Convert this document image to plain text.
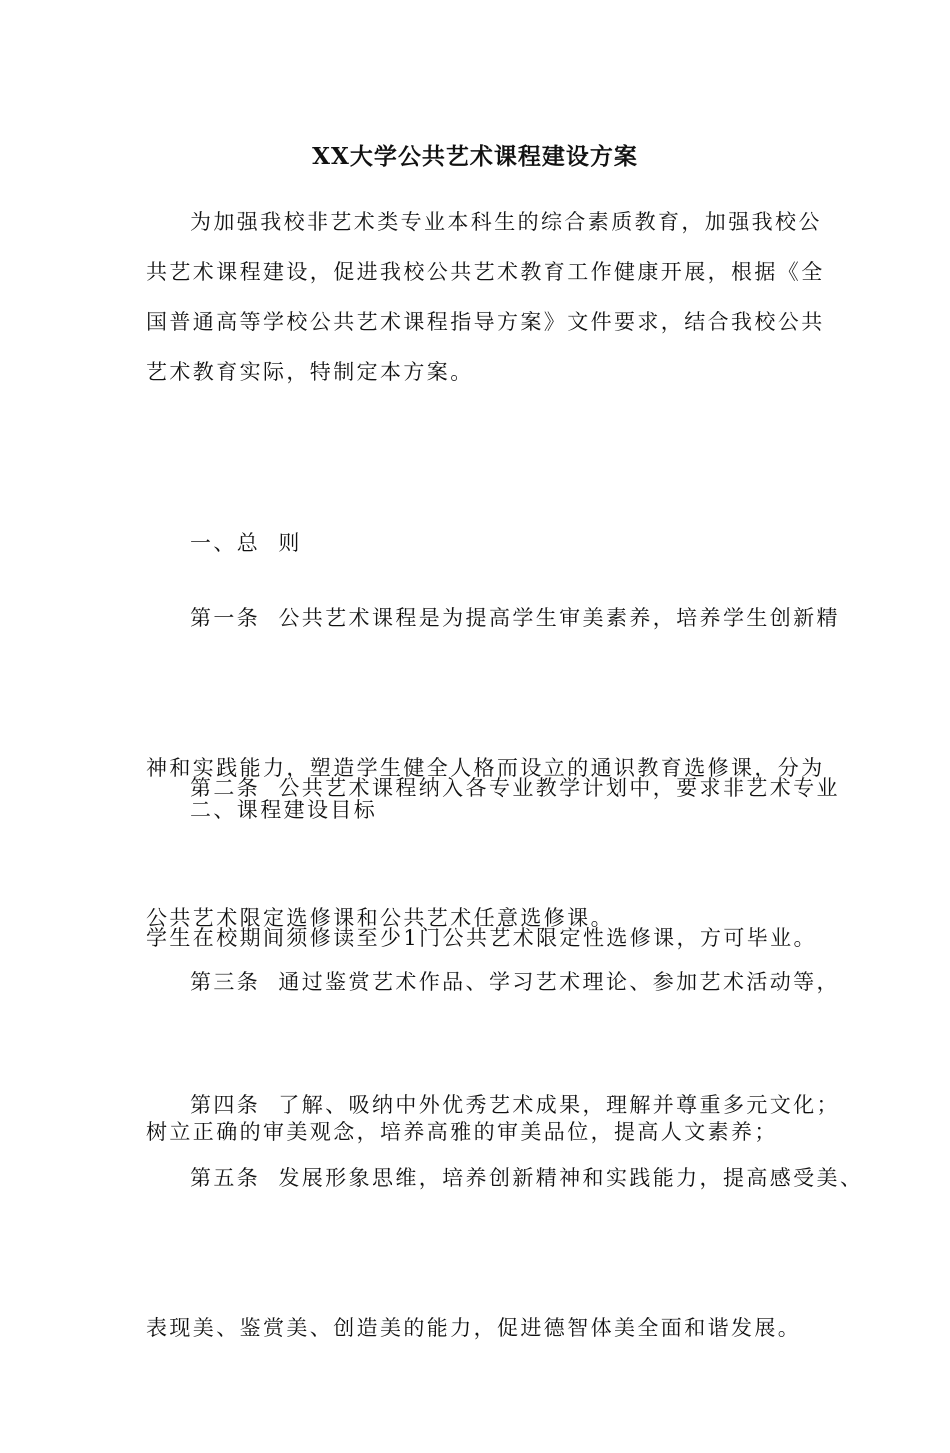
XX大学公共艺术课程建设方案
为加强我校非艺术类专业本科生的综合素质教育，加强我校公
共艺术课程建设，促进我校公共艺术教育工作健康开展，根据《全
国普通高等学校公共艺术课程指导方案》文件要求，结合我校公共
艺术教育实际，特制定本方案。

一、总  则

第一条  公共艺术课程是为提高学生审美素养，培养学生创新精

神和实践能力，塑造学生健全人格而设立的通识教育选修课，分为

公共艺术限定选修课和公共艺术任意选修课。

第二条  公共艺术课程纳入各专业教学计划中，要求非艺术专业

学生在校期间须修读至少1门公共艺术限定性选修课，方可毕业。

二、课程建设目标

第三条  通过鉴赏艺术作品、学习艺术理论、参加艺术活动等，

树立正确的审美观念，培养高雅的审美品位，提高人文素养；

第四条  了解、吸纳中外优秀艺术成果，理解并尊重多元文化；

第五条  发展形象思维，培养创新精神和实践能力，提高感受美、

表现美、鉴赏美、创造美的能力，促进德智体美全面和谐发展。
